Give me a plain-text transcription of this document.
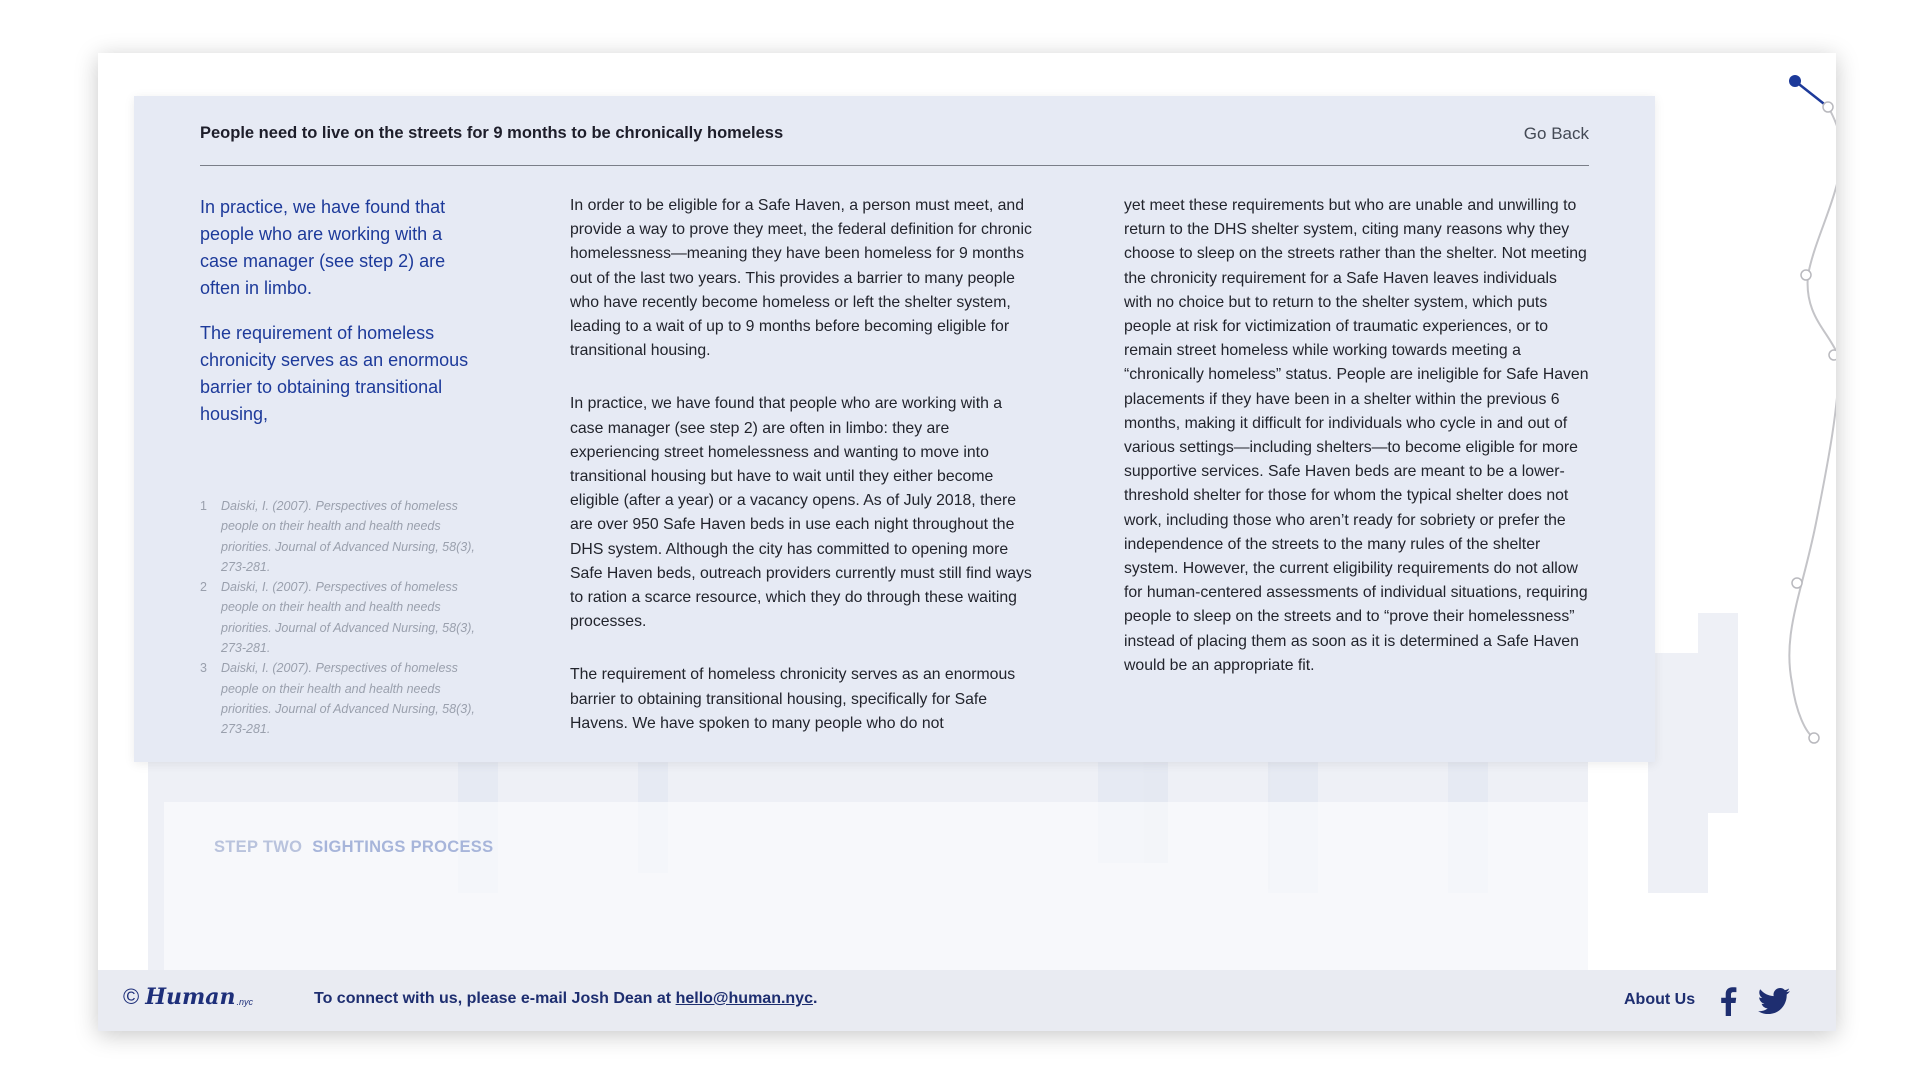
People need to live on the streets for 9 months to be chronically homeless	Go Back

In practice, we have found that people who are working with a case manager (see step 2) are often in limbo.

The requirement of homeless chronicity serves as an enormous barrier to obtaining transitional housing,

1	Daiski, I. (2007). Perspectives of homeless people on their health and health needs priorities. Journal of Advanced Nursing, 58(3), 273-281.
2	Daiski, I. (2007). Perspectives of homeless people on their health and health needs priorities. Journal of Advanced Nursing, 58(3), 273-281.
3	Daiski, I. (2007). Perspectives of homeless people on their health and health needs priorities. Journal of Advanced Nursing, 58(3), 273-281.

In order to be eligible for a Safe Haven, a person must meet, and provide a way to prove they meet, the federal definition for chronic homelessness—meaning they have been homeless for 9 months out of the last two years. This provides a barrier to many people who have recently become homeless or left the shelter system, leading to a wait of up to 9 months before becoming eligible for transitional housing.

In practice, we have found that people who are working with a case manager (see step 2) are often in limbo: they are experiencing street homelessness and wanting to move into transitional housing but have to wait until they either become eligible (after a year) or a vacancy opens. As of July 2018, there are over 950 Safe Haven beds in use each night throughout the DHS system. Although the city has committed to opening more Safe Haven beds, outreach providers currently must still find ways to ration a scarce resource, which they do through these waiting processes.

The requirement of homeless chronicity serves as an enormous barrier to obtaining transitional housing, specifically for Safe Havens. We have spoken to many people who do not

yet meet these requirements but who are unable and unwilling to return to the DHS shelter system, citing many reasons why they choose to sleep on the streets rather than the shelter. Not meeting the chronicity requirement for a Safe Haven leaves individuals with no choice but to return to the shelter system, which puts people at risk for victimization of traumatic experiences, or to remain street homeless while working towards meeting a “chronically homeless” status. People are ineligible for Safe Haven placements if they have been in a shelter within the previous 6 months, making it difficult for individuals who cycle in and out of various settings—including shelters—to become eligible for more supportive services. Safe Haven beds are meant to be a lower-threshold shelter for those for whom the typical shelter does not work, including those who aren’t ready for sobriety or prefer the independence of the streets to the many rules of the shelter system. However, the current eligibility requirements do not allow for human-centered assessments of individual situations, requiring people to sleep on the streets and to “prove their homelessness” instead of placing them as soon as it is determined a Safe Haven would be an appropriate fit.

STEP TWO SIGHTINGS PROCESS
© Human .nyc	To connect with us, please e-mail Josh Dean at hello@human.nyc.	About Us
